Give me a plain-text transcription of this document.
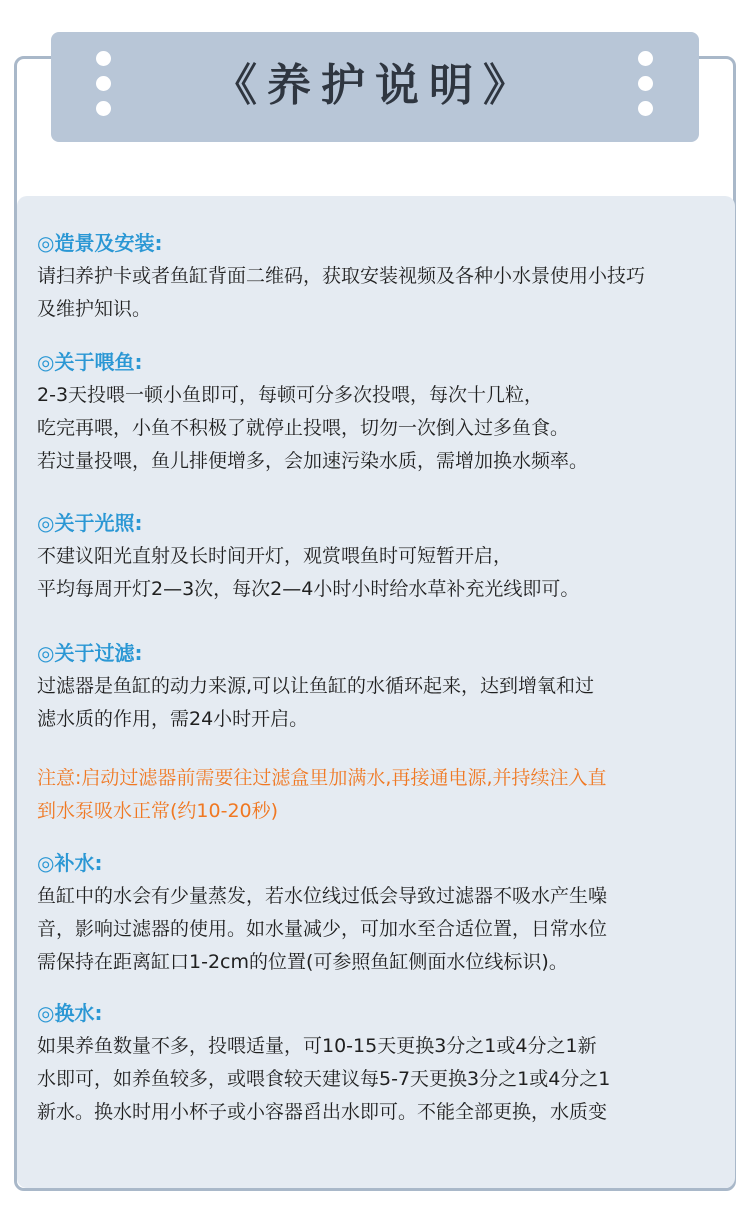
《养护说明》
◎造景及安装:
请扫养护卡或者鱼缸背面二维码，获取安装视频及各种小水景使用小技巧
及维护知识。
◎关于喂鱼:
2-3天投喂一顿小鱼即可，每顿可分多次投喂，每次十几粒，
吃完再喂，小鱼不积极了就停止投喂，切勿一次倒入过多鱼食。
若过量投喂，鱼儿排便增多，会加速污染水质，需增加换水频率。
◎关于光照:
不建议阳光直射及长时间开灯，观赏喂鱼时可短暂开启，
平均每周开灯2—3次，每次2—4小时小时给水草补充光线即可。
◎关于过滤:
过滤器是鱼缸的动力来源,可以让鱼缸的水循环起来，达到增氧和过
滤水质的作用，需24小时开启。
注意:启动过滤器前需要往过滤盒里加满水,再接通电源,并持续注入直
到水泵吸水正常(约10-20秒)
◎补水:
鱼缸中的水会有少量蒸发，若水位线过低会导致过滤器不吸水产生噪
音，影响过滤器的使用。如水量减少，可加水至合适位置，日常水位
需保持在距离缸口1-2cm的位置(可参照鱼缸侧面水位线标识)。
◎换水:
如果养鱼数量不多，投喂适量，可10-15天更换3分之1或4分之1新
水即可，如养鱼较多，或喂食较天建议每5-7天更换3分之1或4分之1
新水。换水时用小杯子或小容器舀出水即可。不能全部更换，水质变
